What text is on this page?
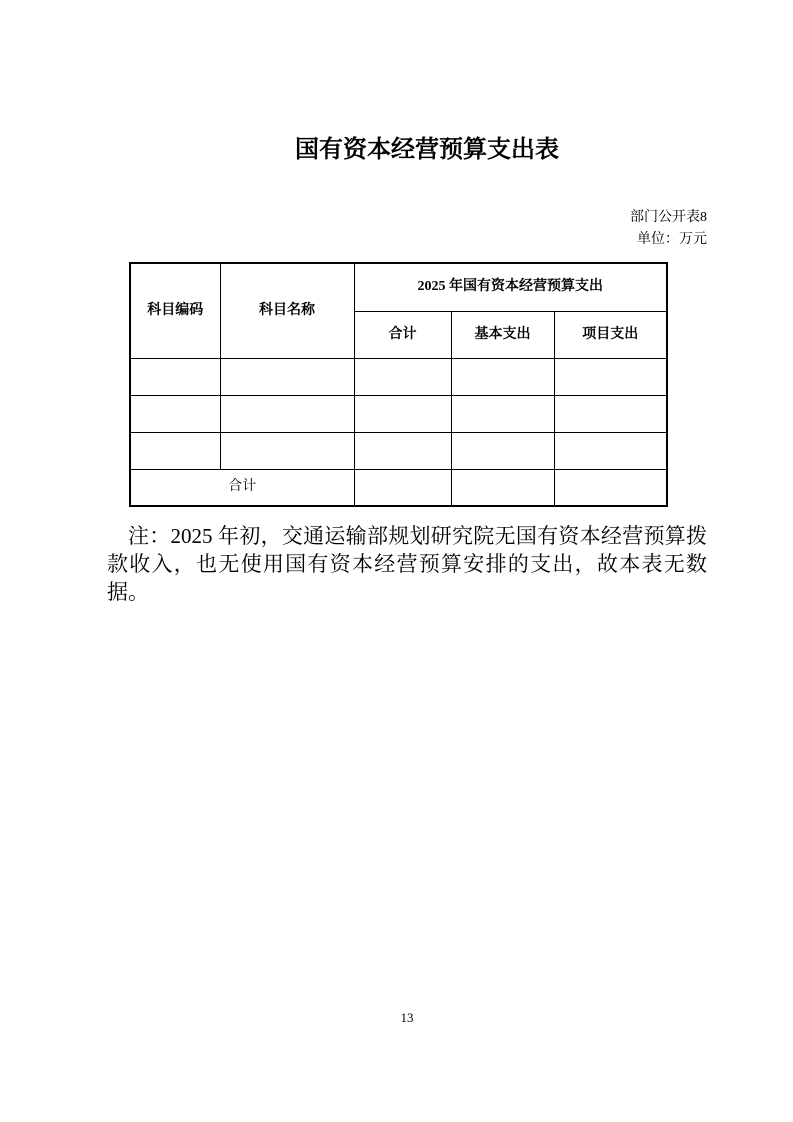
国有资本经营预算支出表
部门公开表8
单位：万元
科目编码	科目名称	2025 年国有资本经营预算支出		
		合计	基本支出	项目支出

合计				

注：2025 年初，交通运输部规划研究院无国有资本经营预算拨款收入，也无使用国有资本经营预算安排的支出，故本表无数据。

13
